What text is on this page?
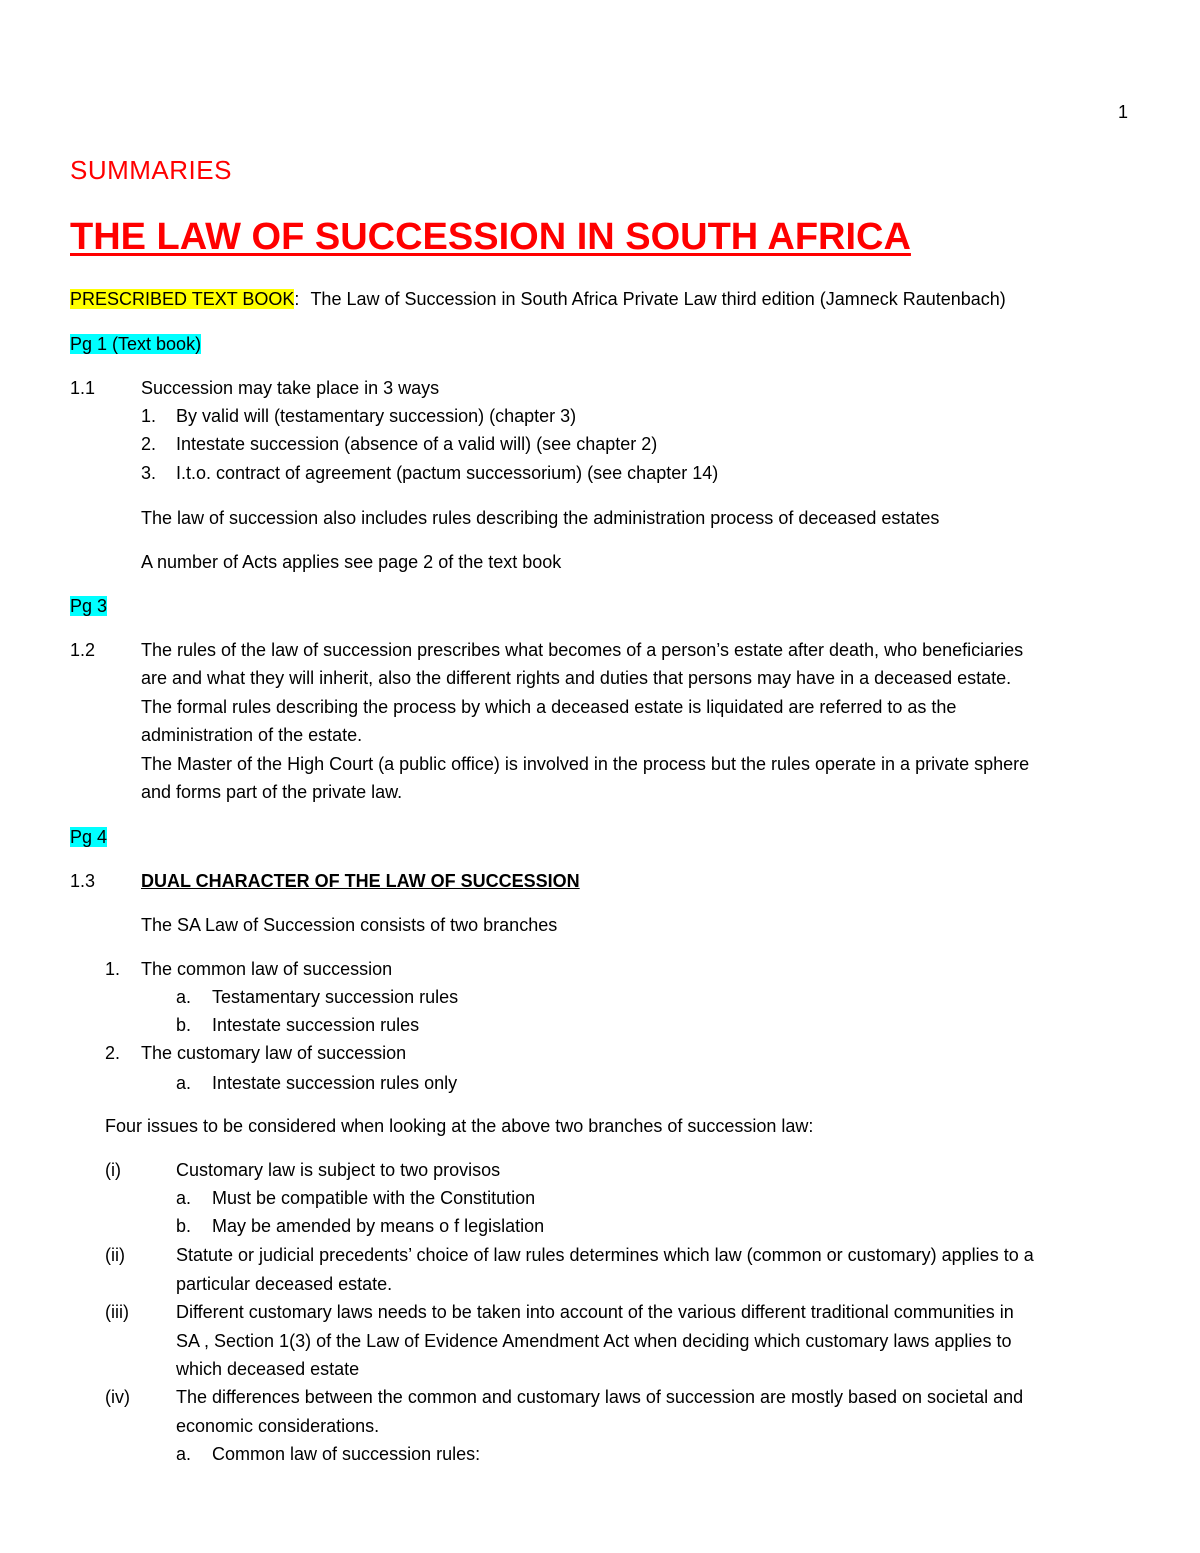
1
SUMMARIES
THE LAW OF SUCCESSION IN SOUTH AFRICA
PRESCRIBED TEXT BOOK: The Law of Succession in South Africa Private Law third edition (Jamneck Rautenbach)
Pg 1 (Text book)
1.1	Succession may take place in 3 ways
1. By valid will (testamentary succession) (chapter 3)
2. Intestate succession (absence of a valid will) (see chapter 2)
3. I.t.o. contract of agreement (pactum successorium) (see chapter 14)
The law of succession also includes rules describing the administration process of deceased estates
A number of Acts applies see page 2 of the text book
Pg 3
1.2	The rules of the law of succession prescribes what becomes of a person’s estate after death, who beneficiaries
are and what they will inherit, also the different rights and duties that persons may have in a deceased estate.
The formal rules describing the process by which a deceased estate is liquidated are referred to as the
administration of the estate.
The Master of the High Court (a public office) is involved in the process but the rules operate in a private sphere
and forms part of the private law.
Pg 4
1.3	DUAL CHARACTER OF THE LAW OF SUCCESSION
The SA Law of Succession consists of two branches
1. The common law of succession
a. Testamentary succession rules
b. Intestate succession rules
2. The customary law of succession
a. Intestate succession rules only
Four issues to be considered when looking at the above two branches of succession law:
(i)	Customary law is subject to two provisos
a. Must be compatible with the Constitution
b. May be amended by means o f legislation
(ii)	Statute or judicial precedents’ choice of law rules determines which law (common or customary) applies to a
particular deceased estate.
(iii)	Different customary laws needs to be taken into account of the various different traditional communities in
SA , Section 1(3) of the Law of Evidence Amendment Act when deciding which customary laws applies to
which deceased estate
(iv)	The differences between the common and customary laws of succession are mostly based on societal and
economic considerations.
a. Common law of succession rules:
